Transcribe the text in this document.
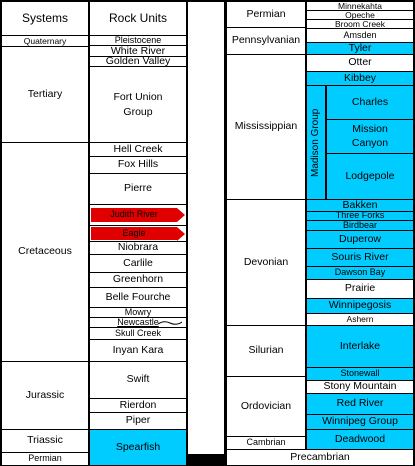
Systems	Rock Units
Quaternary
Tertiary
Cretaceous
Jurassic
Triassic
Permian
Pleistocene
White River
Golden Valley
Fort Union Group
Hell Creek
Fox Hills
Pierre
Judith River
Eagle
Niobrara
Carlile
Greenhorn
Belle Fourche
Mowry
Newcastle
Skull Creek
Inyan Kara
Swift
Rierdon
Piper
Spearfish
Permian
Pennsylvanian
Mississippian
Devonian
Silurian
Ordovician
Cambrian
Precambrian
Minnekahta
Opeche
Broom Creek
Amsden
Tyler
Otter
Kibbey
Madison Group
Charles
Mission Canyon
Lodgepole
Bakken
Three Forks
Birdbear
Duperow
Souris River
Dawson Bay
Prairie
Winnipegosis
Ashern
Interlake
Stonewall
Stony Mountain
Red River
Winnipeg Group
Deadwood
